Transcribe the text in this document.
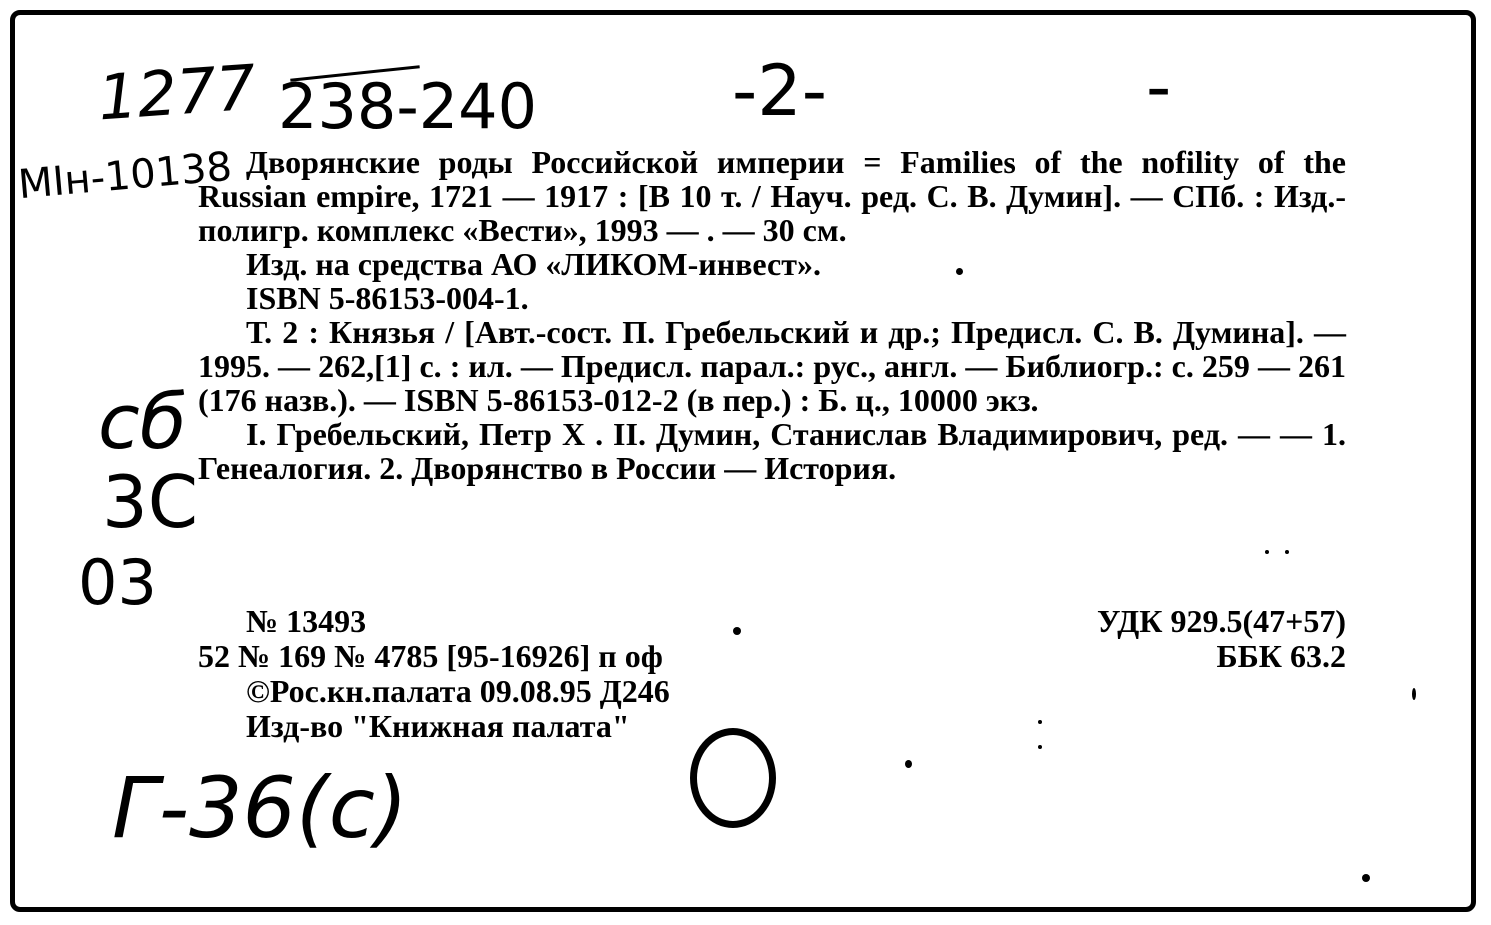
1277 238-240	-2-	-
MIн-10138
сб
3С
03
Г-36(с)

Дворянские роды Российской империи = Families of the nofility of the Russian empire, 1721 — 1917 : [В 10 т. / Науч. ред. С. В. Думин]. — СПб. : Изд.-полигр. комплекс «Вести», 1993 — . — 30 см.

Изд. на средства АО «ЛИКОМ-инвест».

ISBN 5-86153-004-1.

Т. 2 : Князья / [Авт.-сост. П. Гребельский и др.; Предисл. С. В. Думина]. — 1995. — 262,[1] с. : ил. — Предисл. парал.: рус., англ. — Библиогр.: с. 259 — 261 (176 назв.). — ISBN 5-86153-012-2 (в пер.) : Б. ц., 10000 экз.

I. Гребельский, Петр Х . II. Думин, Станислав Владимирович, ред. — — 1. Генеалогия. 2. Дворянство в России — История.

№ 13493
52 № 169 № 4785 [95-16926] п оф
©Рос.кн.палата 09.08.95 Д246
Изд-во "Книжная палата"
УДК 929.5(47+57)
ББК 63.2
